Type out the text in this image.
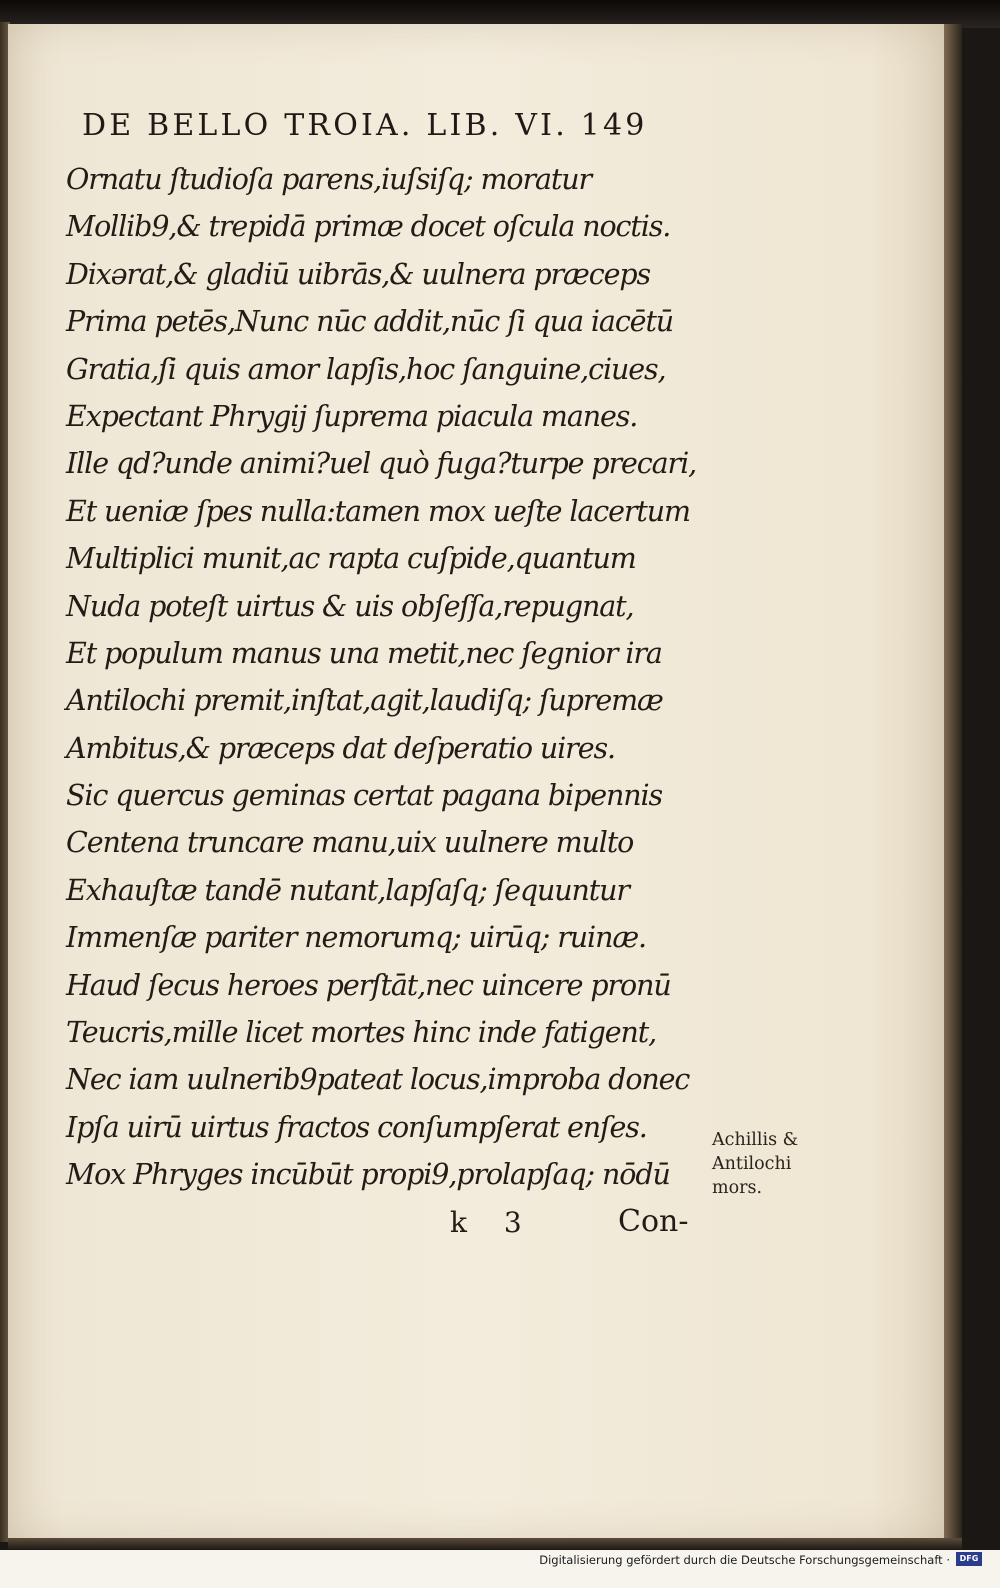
DE BELLO TROIA. LIB. VI. 149
Ornatu ſtudioſa parens,iuſsiſq; moratur
Mollib9,& trepidā primæ docet oſcula noctis.
Dixərat,& gladiū uibrās,& uulnera præceps
Prima petēs,Nunc nūc addit,nūc ſi qua iacētū
Gratia,ſi quis amor lapſis,hoc ſanguine,ciues,
Expectant Phrygij ſuprema piacula manes.
Ille qd?unde animi?uel quò fuga?turpe precari,
Et ueniæ ſpes nulla:tamen mox ueſte lacertum
Multiplici munit,ac rapta cuſpide,quantum
Nuda poteſt uirtus & uis obſeſſa,repugnat,
Et populum manus una metit,nec ſegnior ira
Antilochi premit,inſtat,agit,laudiſq; ſupremæ
Ambitus,& præceps dat deſperatio uires.
Sic quercus geminas certat pagana bipennis
Centena truncare manu,uix uulnere multo
Exhauſtæ tandē nutant,lapſaſq; ſequuntur
Immenſæ pariter nemorumq; uirūq; ruinæ.
Haud ſecus heroes perſtāt,nec uincere pronū
Teucris,mille licet mortes hinc inde fatigent,
Nec iam uulnerib9pateat locus,improba donec
Ipſa uirū uirtus fractos conſumpſerat enſes.
Mox Phryges incūbūt propi9,prolapſaq; nōdū
Achillis &
Antilochi
mors.
k 3	Con-
Digitalisierung gefördert durch die Deutsche Forschungsgemeinschaft ·	DFG
